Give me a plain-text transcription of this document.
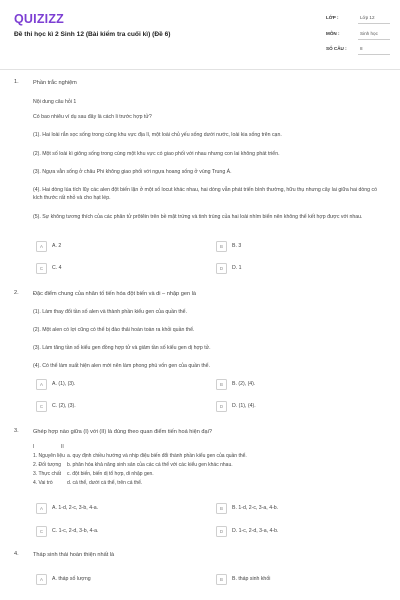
QUIZIZZ
Đề thi học kì 2 Sinh 12 (Bài kiểm tra cuối kì) (Đề 6)
LỚP :	Lớp 12
MÔN :	Sinh học
SỐ CÂU :	8
1.	Phần trắc nghiệm
Nội dung câu hỏi 1
Có bao nhiêu ví dụ sau đây là cách li trước hợp tử?
(1). Hai loài rắn sọc sống trong cùng khu vực địa lí, một loài chủ yếu sống dưới nước, loài kia sống trên cạn.
(2). Một số loài kì giông sống trong cùng một khu vực có giao phối với nhau nhưng con lai không phát triển.
(3). Ngựa vằn sống ở châu Phi không giao phối với ngựa hoang sống ở vùng Trung Á.
(4). Hai dòng lúa tích lũy các alen đột biến lặn ở một số locut khác nhau, hai dòng vẫn phát triển bình thường, hữu thụ nhưng cây lai giữa hai dòng có kích thước rất nhỏ và cho hạt lép.
(5). Sự không tương thích của các phân tử prôtêin trên bề mặt trứng và tinh trùng của hai loài nhím biển nên không thể kết hợp được với nhau.
A	A. 2	B	B. 3
C	C. 4	D	D. 1
2.	Đặc điểm chung của nhân tố tiến hóa đột biến và di – nhập gen là
(1). Làm thay đổi tần số alen và thành phần kiểu gen của quần thể.
(2). Một alen có lợi cũng có thể bị đào thải hoàn toàn ra khỏi quần thể.
(3). Làm tăng tần số kiểu gen đồng hợp tử và giảm tần số kiểu gen dị hợp tử.
(4). Có thể làm xuất hiện alen mới nên làm phong phú vốn gen của quần thể.
A	A. (1), (3).	B	B. (2), (4).
C	C. (2), (3).	D	D. (1), (4).
3.	Ghép hợp nào giữa (I) với (II) là đúng theo quan điểm tiến hoá hiện đại?
I	II
1. Nguyên liệu a. quy định chiều hướng và nhịp điệu biến đổi thành phần kiểu gen của quần thể.
2. Đối tượng b. phân hóa khả năng sinh sản của các cá thể với các kiểu gen khác nhau.
3. Thực chất c. đột biến, biến dị tổ hợp, di nhập gen.
4. Vai trò	d. cá thể, dưới cá thể, trên cá thể.
A	A. 1-d, 2-c, 3-b, 4-a.	B	B. 1-d, 2-c, 3-a, 4-b.
C	C. 1-c, 2-d, 3-b, 4-a.	D	D. 1-c, 2-d, 3-a, 4-b.
4.	Tháp sinh thái hoàn thiện nhất là
A	A. tháp số lượng	B	B. tháp sinh khối
